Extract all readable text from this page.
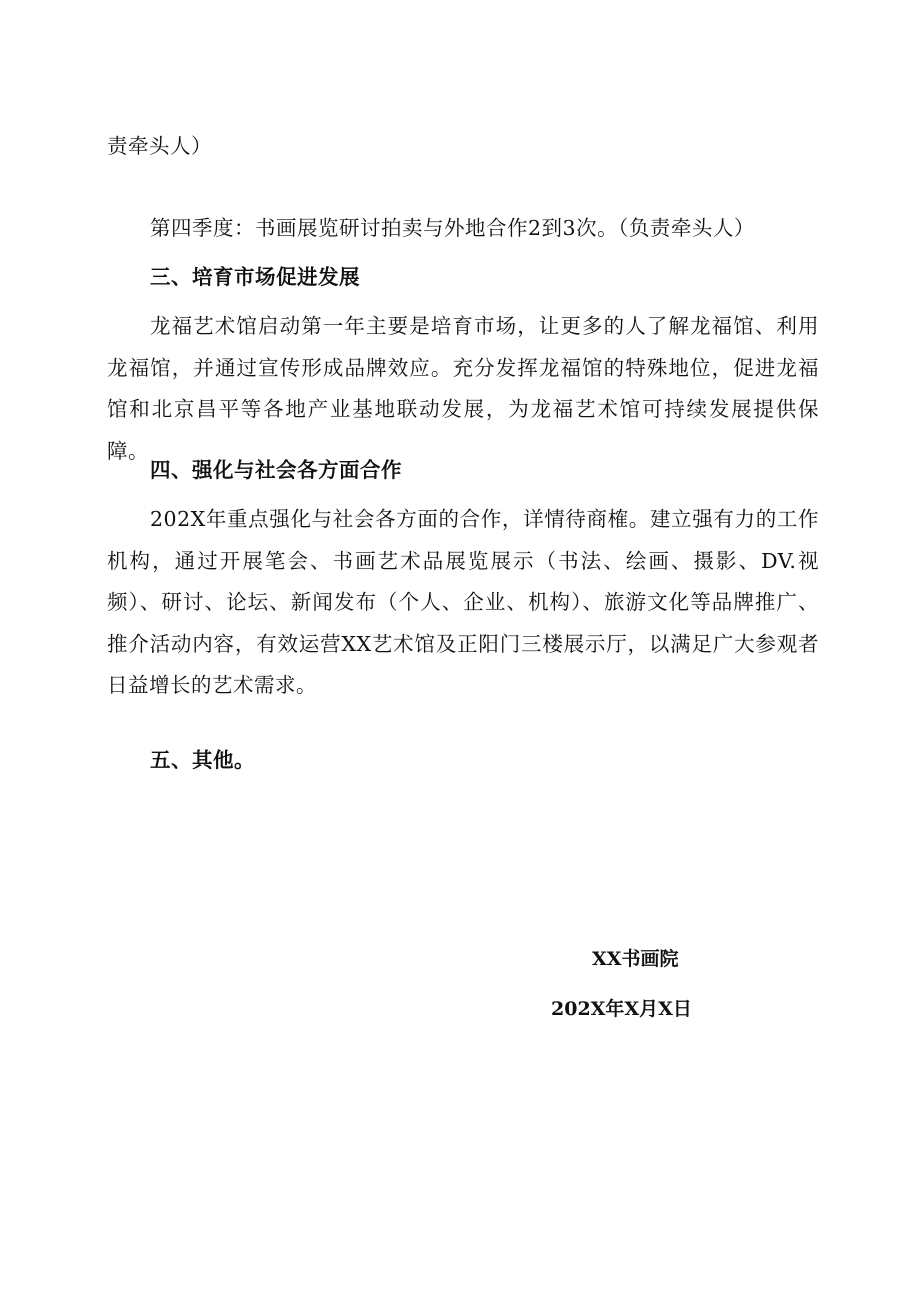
责牵头人）
第四季度：书画展览研讨拍卖与外地合作2到3次。（负责牵头人）
三、培育市场促进发展
龙福艺术馆启动第一年主要是培育市场，让更多的人了解龙福馆、利用龙福馆，并通过宣传形成品牌效应。充分发挥龙福馆的特殊地位，促进龙福馆和北京昌平等各地产业基地联动发展，为龙福艺术馆可持续发展提供保障。
四、强化与社会各方面合作
202X年重点强化与社会各方面的合作，详情待商榷。建立强有力的工作机构，通过开展笔会、书画艺术品展览展示（书法、绘画、摄影、DV.视频）、研讨、论坛、新闻发布（个人、企业、机构）、旅游文化等品牌推广、推介活动内容，有效运营XX艺术馆及正阳门三楼展示厅，以满足广大参观者日益增长的艺术需求。
五、其他。
XX书画院
202X年X月X日
